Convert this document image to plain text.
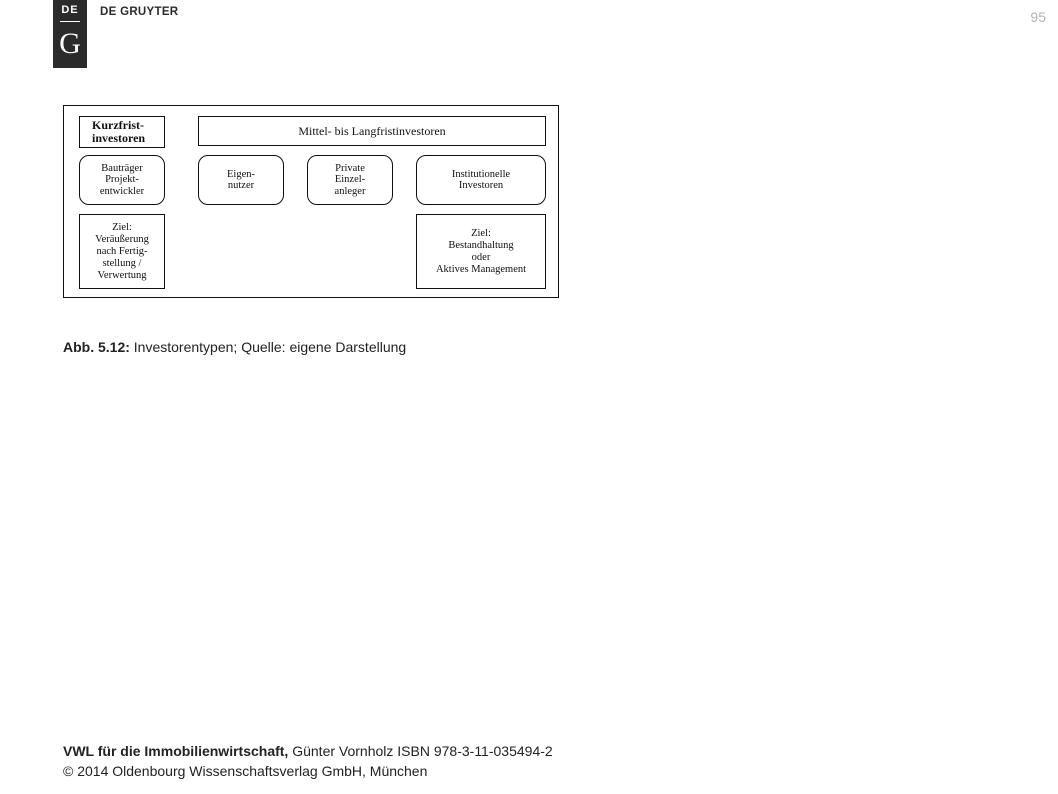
DE
G
DE GRUYTER	95
Kurzfrist-
investoren
Mittel- bis Langfristinvestoren
Bauträger
Projekt-
entwickler
Eigen-
nutzer
Private
Einzel-
anleger
Institutionelle
Investoren
Ziel:
Veräußerung
nach Fertig-
stellung /
Verwertung
Ziel:
Bestandhaltung
oder
Aktives Management
Abb. 5.12: Investorentypen; Quelle: eigene Darstellung
VWL für die Immobilienwirtschaft, Günter Vornholz ISBN 978-3-11-035494-2
© 2014 Oldenbourg Wissenschaftsverlag GmbH, München
